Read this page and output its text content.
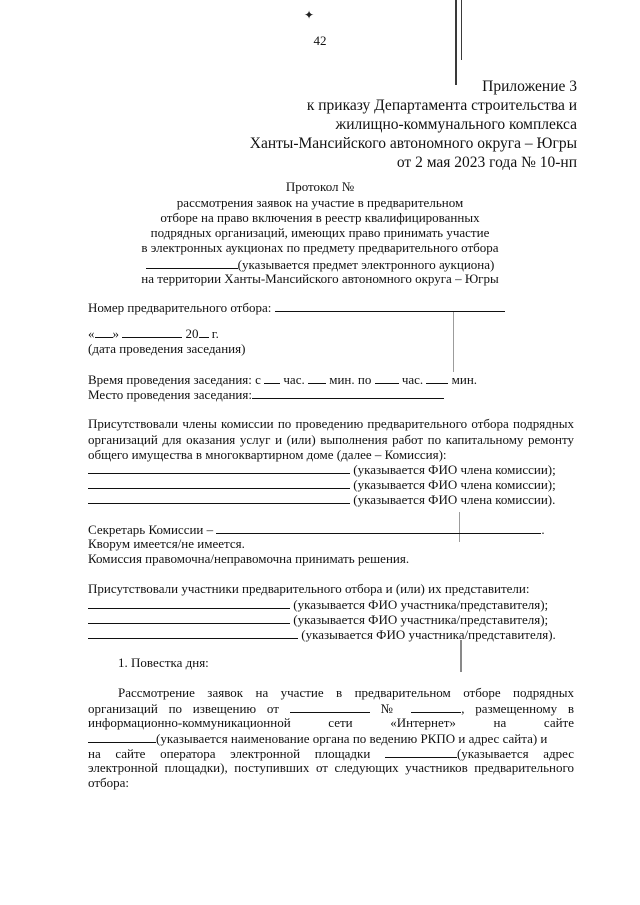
✦
42
Приложение 3
к приказу Департамента строительства и
жилищно-коммунального комплекса
Ханты-Мансийского автономного округа – Югры
от 2 мая 2023 года № 10-нп
Протокол №
рассмотрения заявок на участие в предварительном
отборе на право включения в реестр квалифицированных
подрядных организаций, имеющих право принимать участие
в электронных аукционах по предмету предварительного отбора
(указывается предмет электронного аукциона)
на территории Ханты-Мансийского автономного округа – Югры
Номер предварительного отбора:
« »	20 г.
(дата проведения заседания)
Время проведения заседания: с час. мин. по час. мин.
Место проведения заседания:
Присутствовали члены комиссии по проведению предварительного отбора подрядных
организаций для оказания услуг и (или) выполнения работ по капитальному ремонту
общего имущества в многоквартирном доме (далее – Комиссия):
(указывается ФИО члена комиссии);
(указывается ФИО члена комиссии);
(указывается ФИО члена комиссии).
Секретарь Комиссии –	.
Кворум имеется/не имеется.
Комиссия правомочна/неправомочна принимать решения.
Присутствовали участники предварительного отбора и (или) их представители:
(указывается ФИО участника/представителя);
(указывается ФИО участника/представителя);
(указывается ФИО участника/представителя).
1. Повестка дня:
Рассмотрение заявок на участие в предварительном отборе подрядных
организаций по извещению от	№	, размещенному в
информационно-коммуникационной	сети	«Интернет»	на	сайте
(указывается наименование органа по ведению РКПО и адрес сайта) и
на сайте оператора электронной площадки	(указывается адрес
электронной площадки), поступивших от следующих участников предварительного
отбора:
